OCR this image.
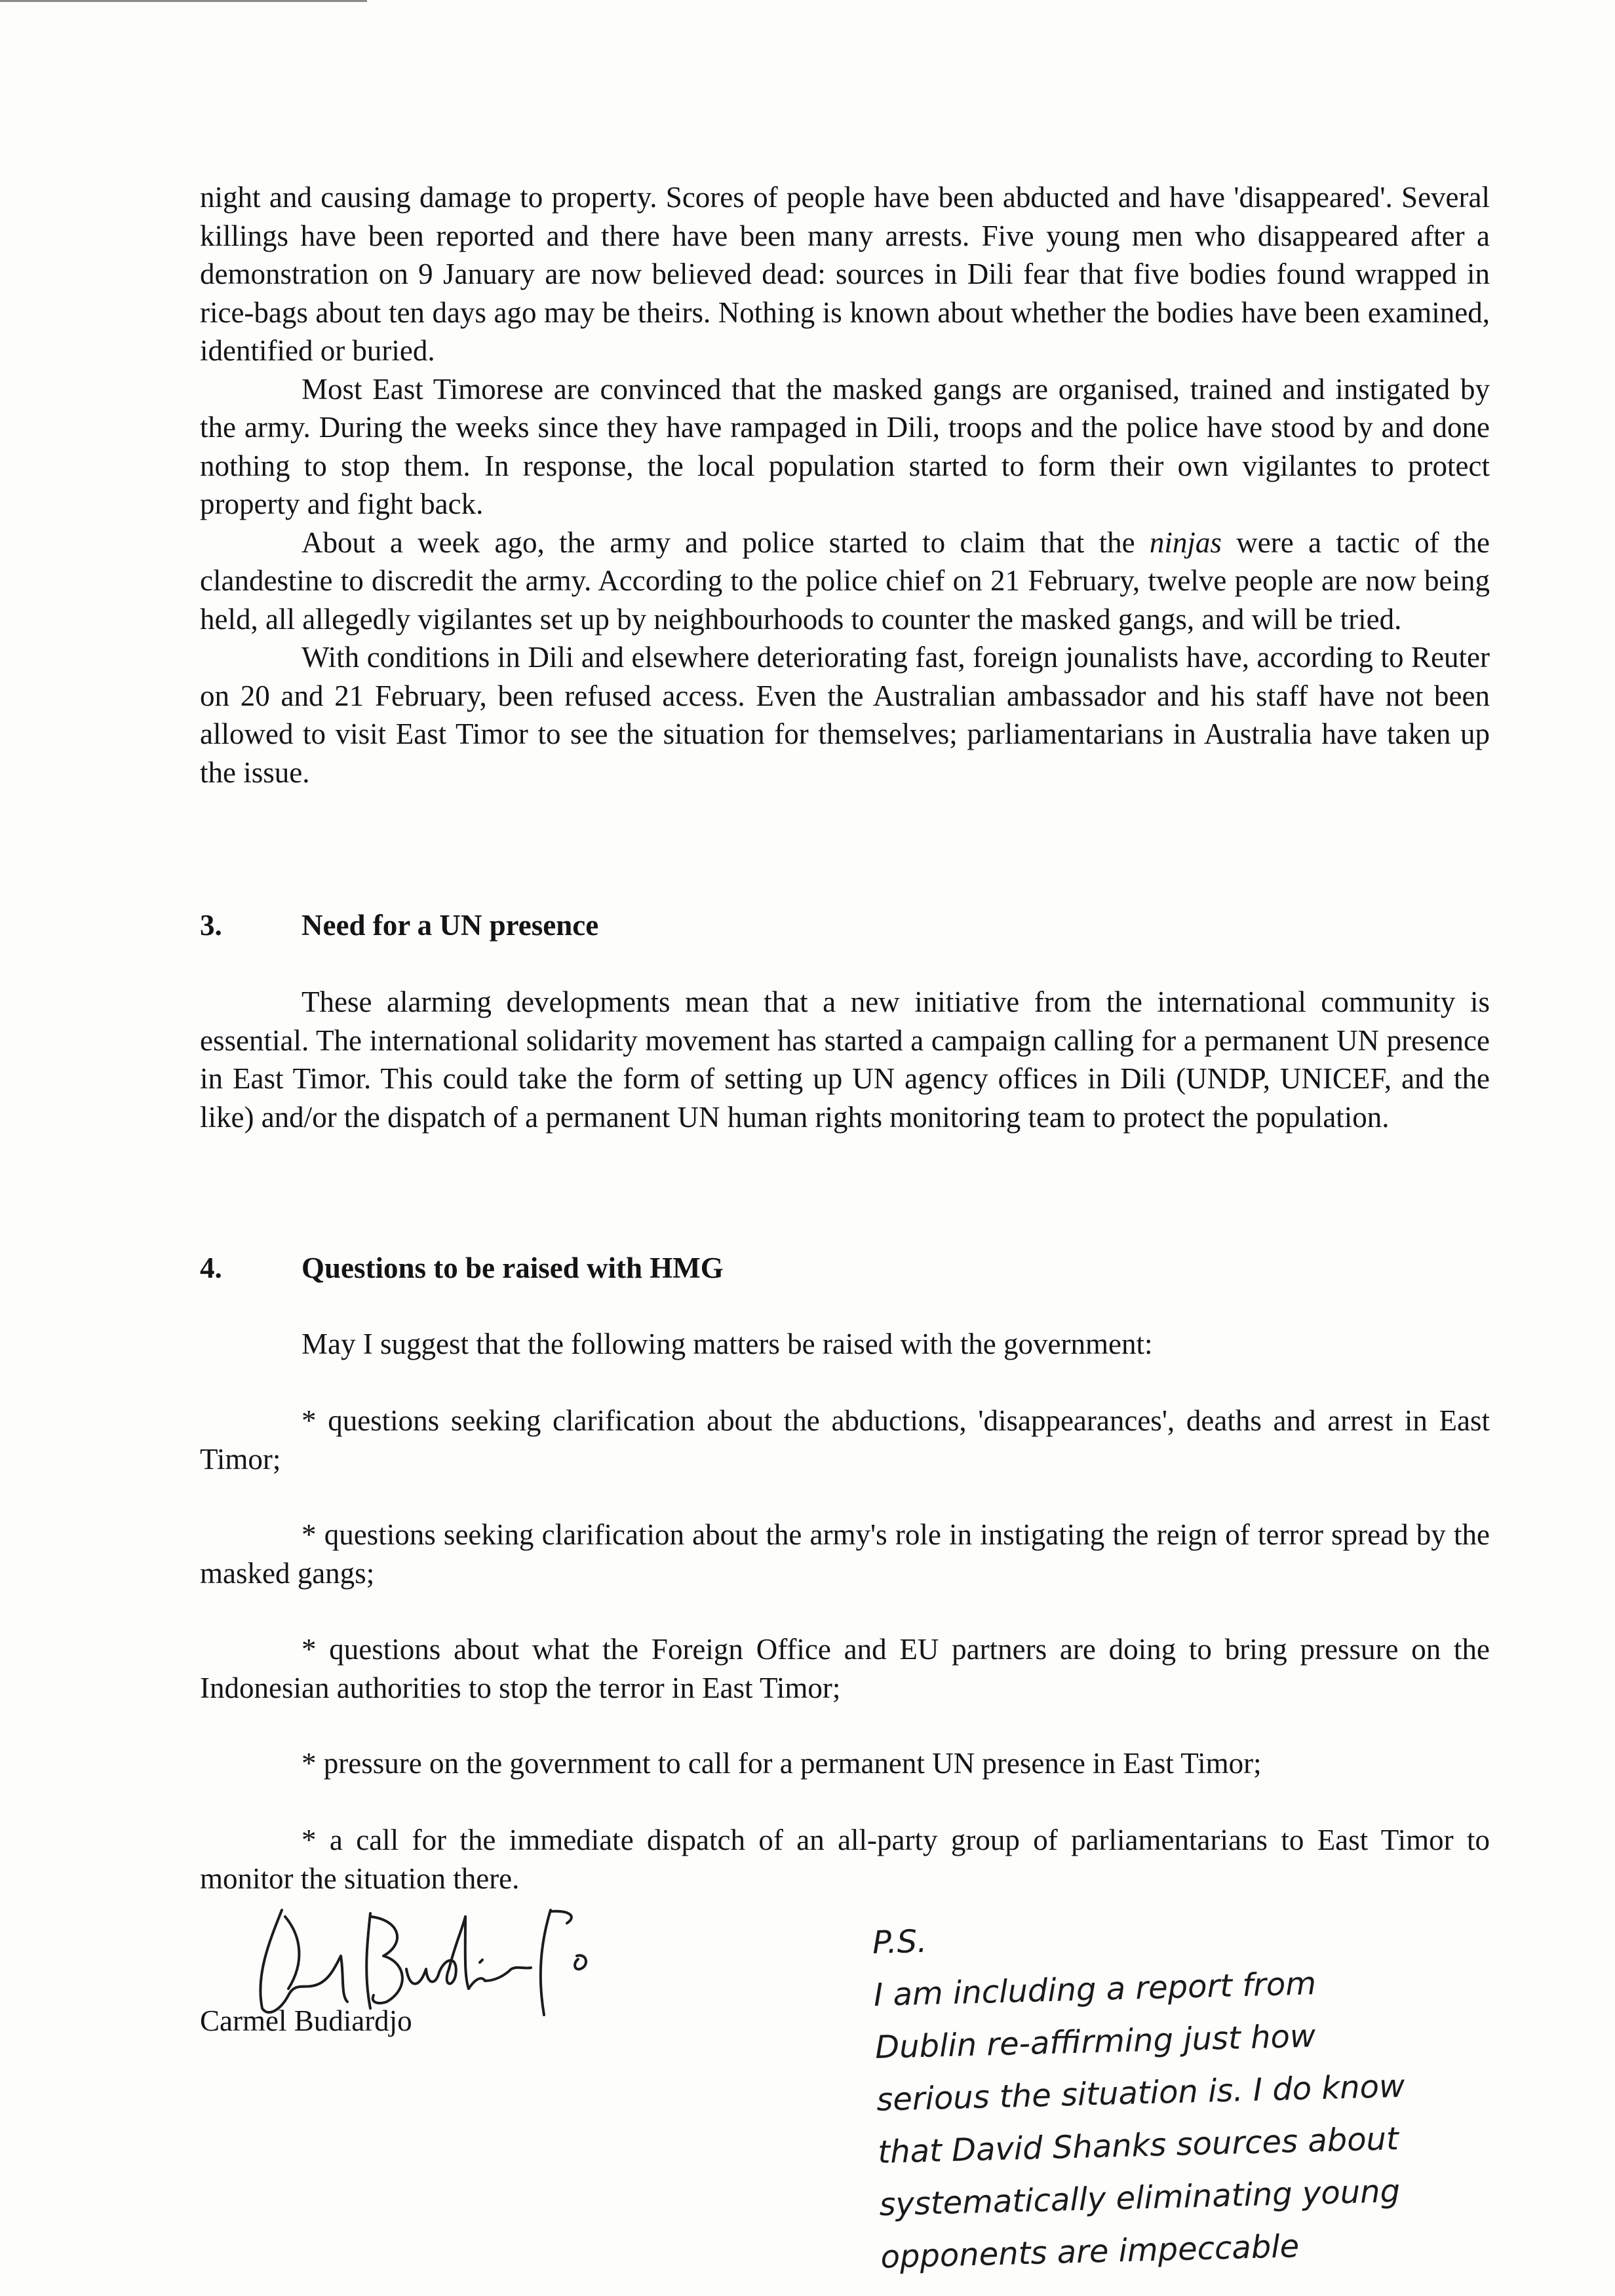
night and causing damage to property. Scores of people have been abducted and have 'disappeared'. Several killings have been reported and there have been many arrests. Five young men who disappeared after a demonstration on 9 January are now believed dead: sources in Dili fear that five bodies found wrapped in rice-bags about ten days ago may be theirs. Nothing is known about whether the bodies have been examined, identified or buried.

Most East Timorese are convinced that the masked gangs are organised, trained and instigated by the army. During the weeks since they have rampaged in Dili, troops and the police have stood by and done nothing to stop them. In response, the local population started to form their own vigilantes to protect property and fight back.

About a week ago, the army and police started to claim that the ninjas were a tactic of the clandestine to discredit the army. According to the police chief on 21 February, twelve people are now being held, all allegedly vigilantes set up by neighbourhoods to counter the masked gangs, and will be tried.

With conditions in Dili and elsewhere deteriorating fast, foreign jounalists have, according to Reuter on 20 and 21 February, been refused access. Even the Australian ambassador and his staff have not been allowed to visit East Timor to see the situation for themselves; parliamentarians in Australia have taken up the issue.

3.	Need for a UN presence
These alarming developments mean that a new initiative from the international community is essential. The international solidarity movement has started a campaign calling for a permanent UN presence in East Timor. This could take the form of setting up UN agency offices in Dili (UNDP, UNICEF, and the like) and/or the dispatch of a permanent UN human rights monitoring team to protect the population.
4.	Questions to be raised with HMG
May I suggest that the following matters be raised with the government:
* questions seeking clarification about the abductions, 'disappearances', deaths and arrest in East Timor;
* questions seeking clarification about the army's role in instigating the reign of terror spread by the masked gangs;
* questions about what the Foreign Office and EU partners are doing to bring pressure on the Indonesian authorities to stop the terror in East Timor;
* pressure on the government to call for a permanent UN presence in East Timor;
* a call for the immediate dispatch of an all-party group of parliamentarians to East Timor to monitor the situation there.
Carmel Budiardjo
P.S.
I am including a report from
Dublin re-affirming just how
serious the situation is. I do know
that David Shanks sources about
systematically eliminating young
opponents are impeccable
